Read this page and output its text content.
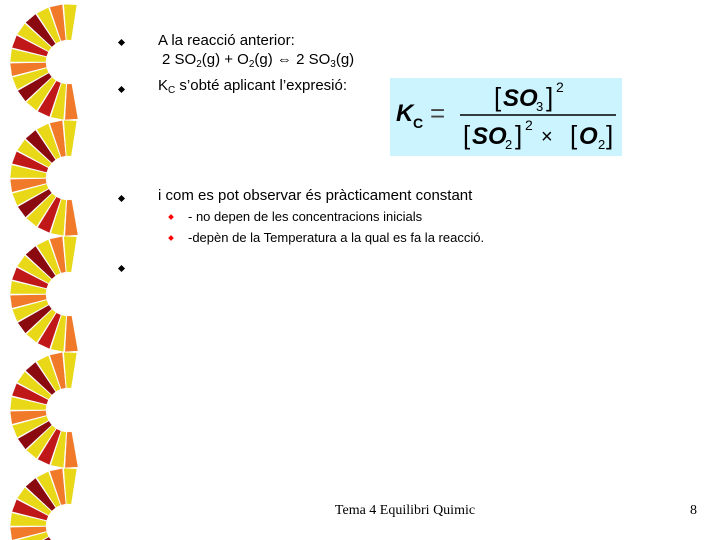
A la reacció anterior:
2 $SO_2(g) + O_2(g)$ ⇔ 2 $SO_3(g)$
$K_C$ s’obté aplicant l’expresió:
K C =
[ SO
3 ] 2
[ SO
2 ] 2
× [ O 2 ]
i com es pot observar és pràcticament constant
- no depen de les concentracions inicials
-depèn de la Temperatura a la qual es fa la reacció.
Tema 4 Equilibri Quimic	8
